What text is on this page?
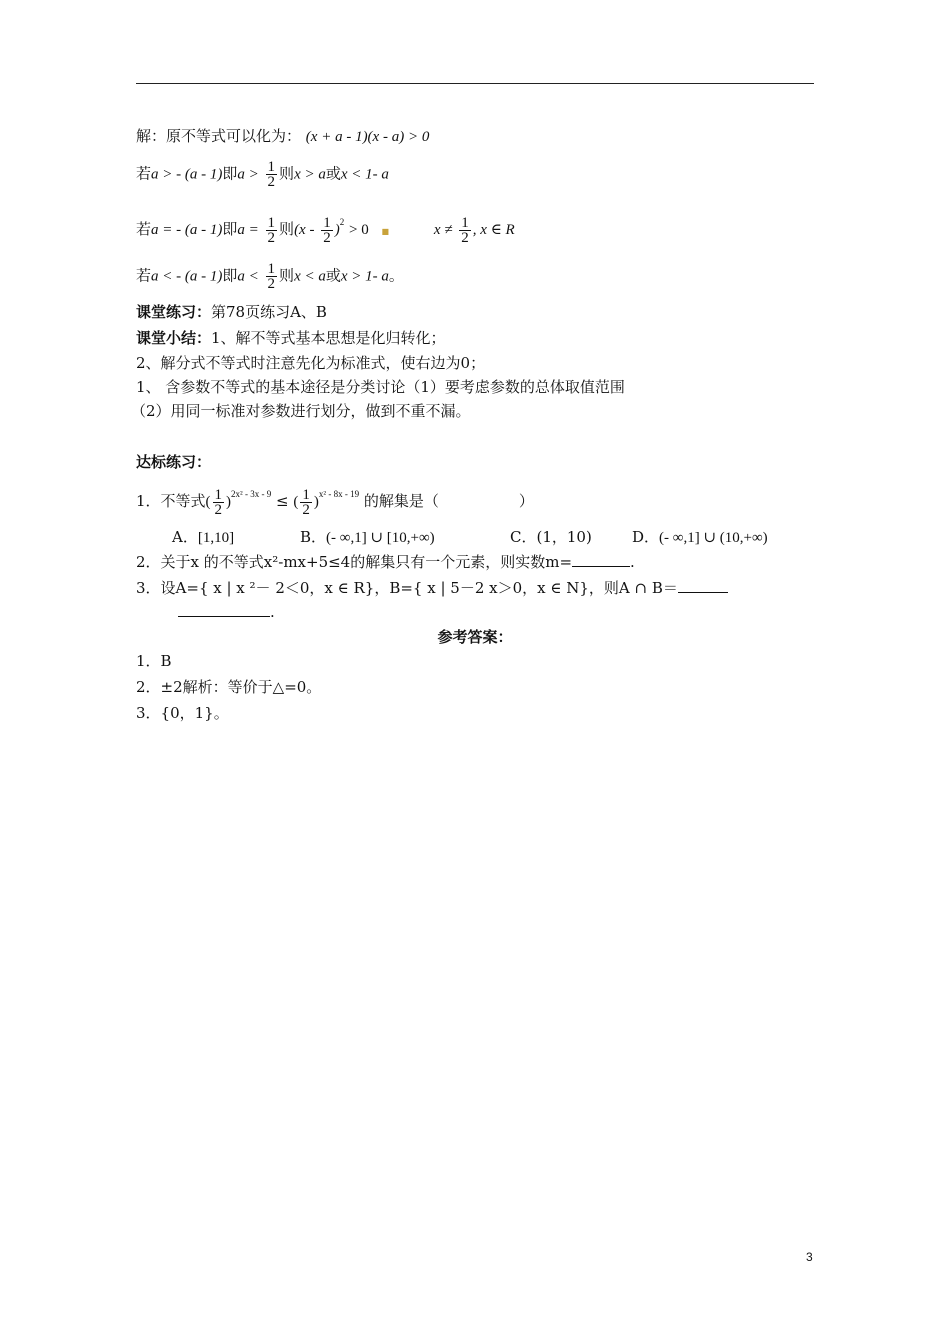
解：原不等式可以化为： (x + a - 1)(x - a) > 0
若a > - (a - 1)即$a > \frac{1}{2}$ 则x > a或x < 1- a
若a = - (a - 1)即$a = \frac{1}{2}$ 则$(x - \frac{1}{2} )^2 > 0$ ■	$x \ne \frac{1}{2}$ , x ∈ R
若a < - (a - 1)即$a < \frac{1}{2}$ 则x < a或x > 1- a。
课堂练习：第78页练习A、B
课堂小结：1、解不等式基本思想是化归转化；
2、解分式不等式时注意先化为标准式，使右边为0；
1、 含参数不等式的基本途径是分类讨论（1）要考虑参数的总体取值范围
（2）用同一标准对参数进行划分，做到不重不漏。
达标练习：
1．不等式( $\frac{1}{2} )^{2x^2 - 3x - 9}$ ≤ ( $\frac{1}{2} )^{x^2 - 8x - 19}$ 的解集是（	）
A．[1,10]	B．(- ∞,1] ∪ [10,+∞)	C．(1，10)	D．(- ∞,1] ∪ (10,+∞)
2．关于x 的不等式x²-mx+5≤4的解集只有一个元素，则实数m=	.
3．设A={ x | x ²－ 2＜0，x ∈ R}，B={ x | 5－2 x＞0，x ∈ N}，则A ∩ B＝
.
参考答案：
1．B
2．±2解析：等价于△=0。
3．{0，1}。
3
